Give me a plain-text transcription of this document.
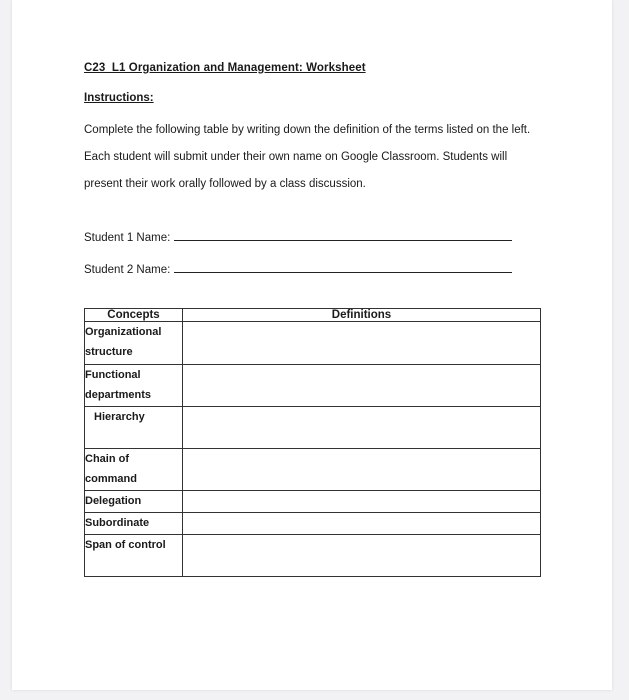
C23_L1 Organization and Management: Worksheet
Instructions:

Complete the following table by writing down the definition of the terms listed on the left.

Each student will submit under their own name on Google Classroom. Students will

present their work orally followed by a class discussion.

Student 1 Name:
Student 2 Name:
Concepts	Definitions
Organizational structure	
Functional departments	
Hierarchy	
Chain of command	
Delegation	
Subordinate	
Span of control	
